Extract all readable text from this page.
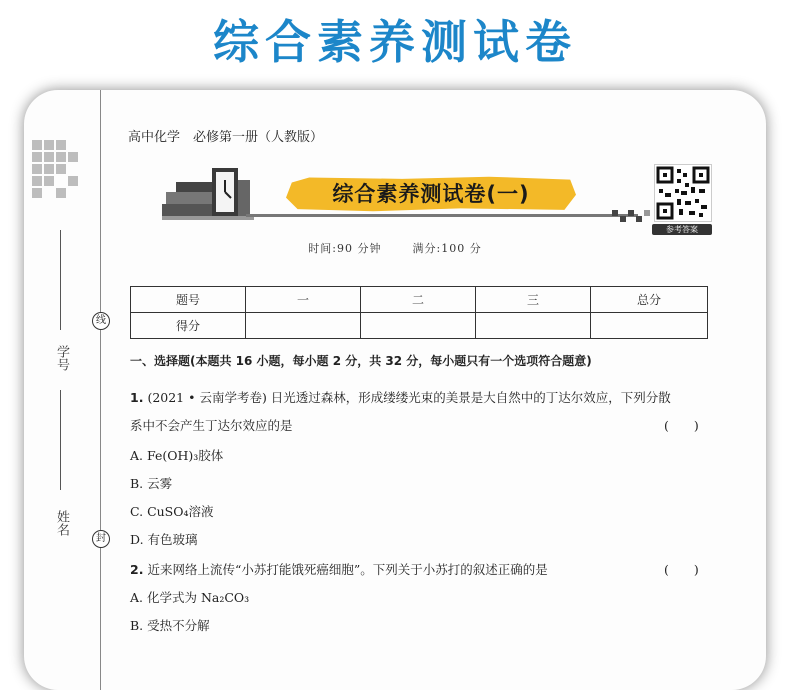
综合素养测试卷
学号
姓名
线
封
高中化学　必修第一册（人教版）
综合素养测试卷(一)
参考答案
时间:90 分钟	满分:100 分
题号	一	二	三	总分
得分				
一、选择题(本题共 16 小题，每小题 2 分，共 32 分，每小题只有一个选项符合题意)
1. (2021 • 云南学考卷) 日光透过森林，形成缕缕光束的美景是大自然中的丁达尔效应，下列分散
系中不会产生丁达尔效应的是	(　　)
A. Fe(OH)₃胶体
B. 云雾
C. CuSO₄溶液
D. 有色玻璃
2. 近来网络上流传“小苏打能饿死癌细胞”。下列关于小苏打的叙述正确的是	(　　)
A. 化学式为 Na₂CO₃
B. 受热不分解
